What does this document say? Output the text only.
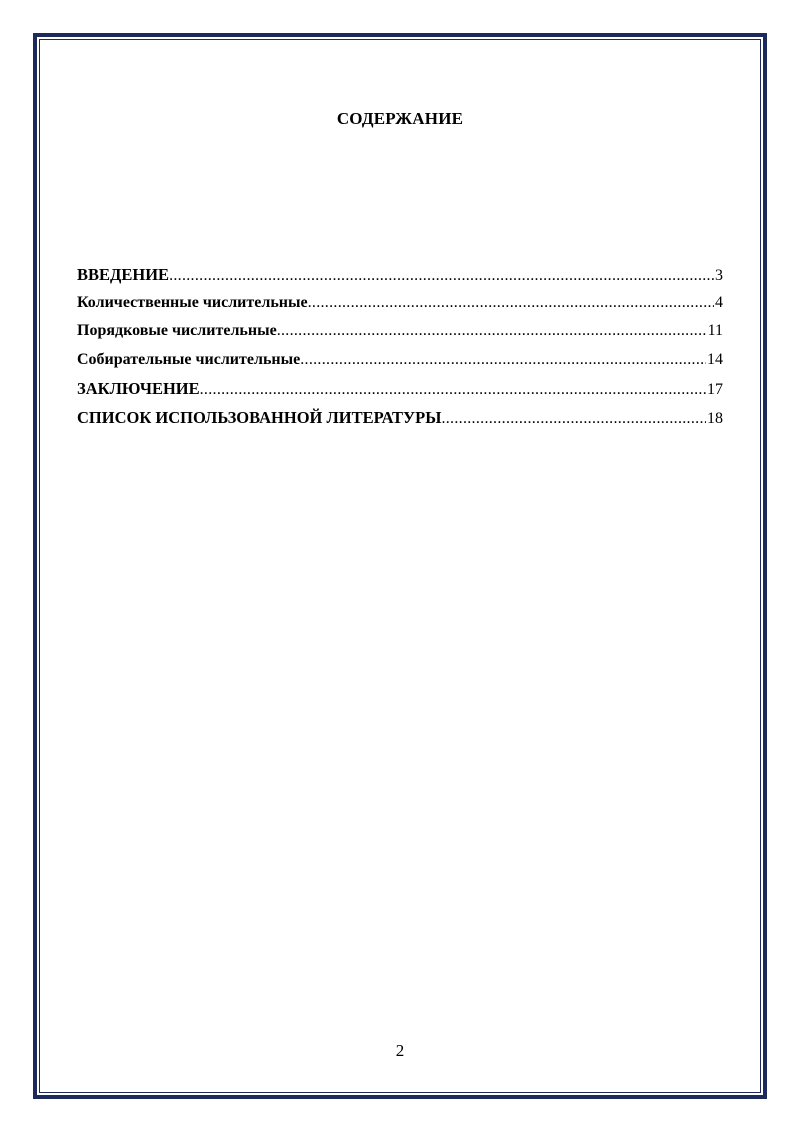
СОДЕРЖАНИЕ
ВВЕДЕНИЕ .....	3
Количественные числительные .....	4
Порядковые числительные .....	11
Собирательные числительные .....	14
ЗАКЛЮЧЕНИЕ .....	17
СПИСОК ИСПОЛЬЗОВАННОЙ ЛИТЕРАТУРЫ .....	18
2
